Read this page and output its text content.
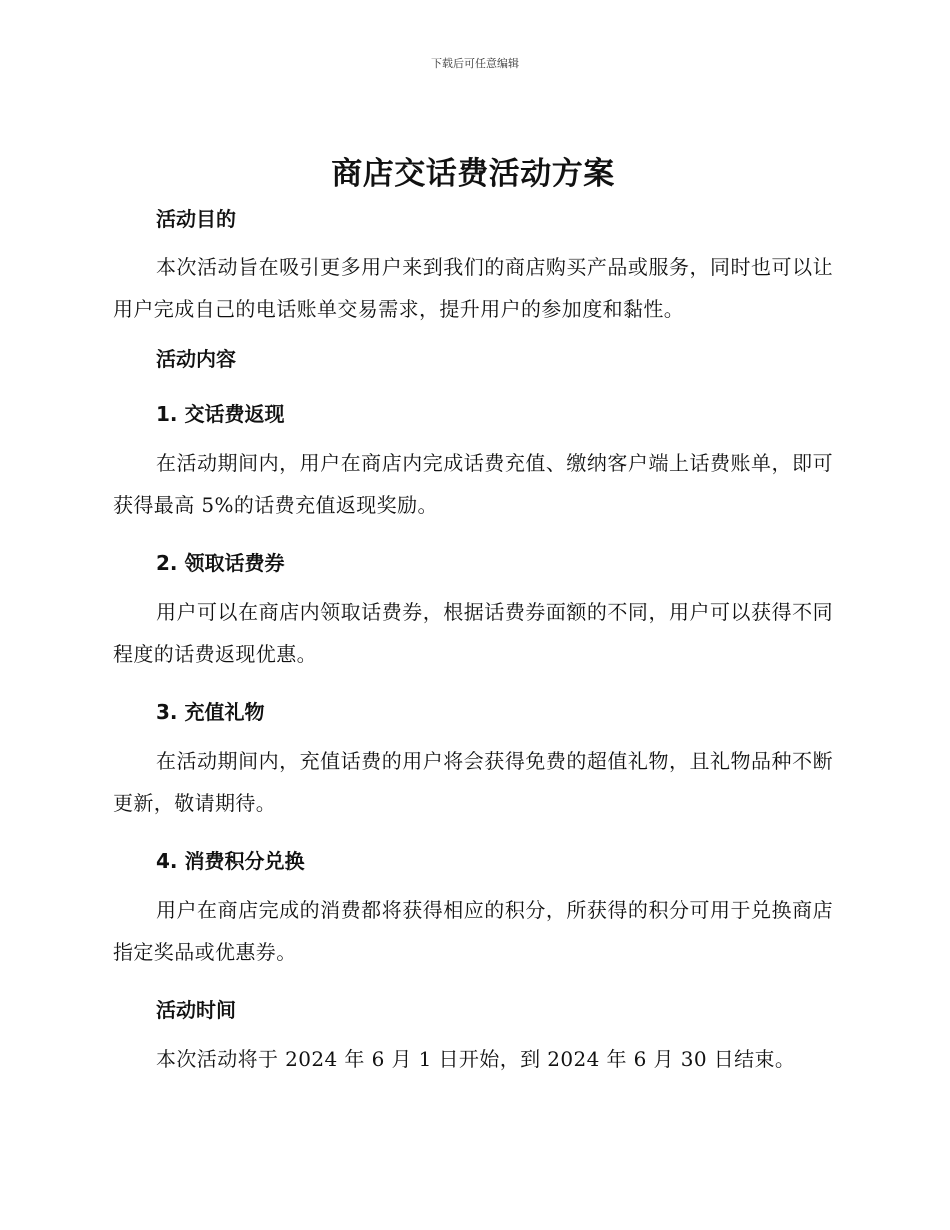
下载后可任意编辑
商店交话费活动方案
活动目的

本次活动旨在吸引更多用户来到我们的商店购买产品或服务，同时也可以让用户完成自己的电话账单交易需求，提升用户的参加度和黏性。

活动内容
1. 交话费返现

在活动期间内，用户在商店内完成话费充值、缴纳客户端上话费账单，即可获得最高 5%的话费充值返现奖励。

2. 领取话费券

用户可以在商店内领取话费券，根据话费券面额的不同，用户可以获得不同程度的话费返现优惠。

3. 充值礼物

在活动期间内，充值话费的用户将会获得免费的超值礼物，且礼物品种不断更新，敬请期待。

4. 消费积分兑换

用户在商店完成的消费都将获得相应的积分，所获得的积分可用于兑换商店指定奖品或优惠券。

活动时间

本次活动将于 2024 年 6 月 1 日开始，到 2024 年 6 月 30 日结束。
